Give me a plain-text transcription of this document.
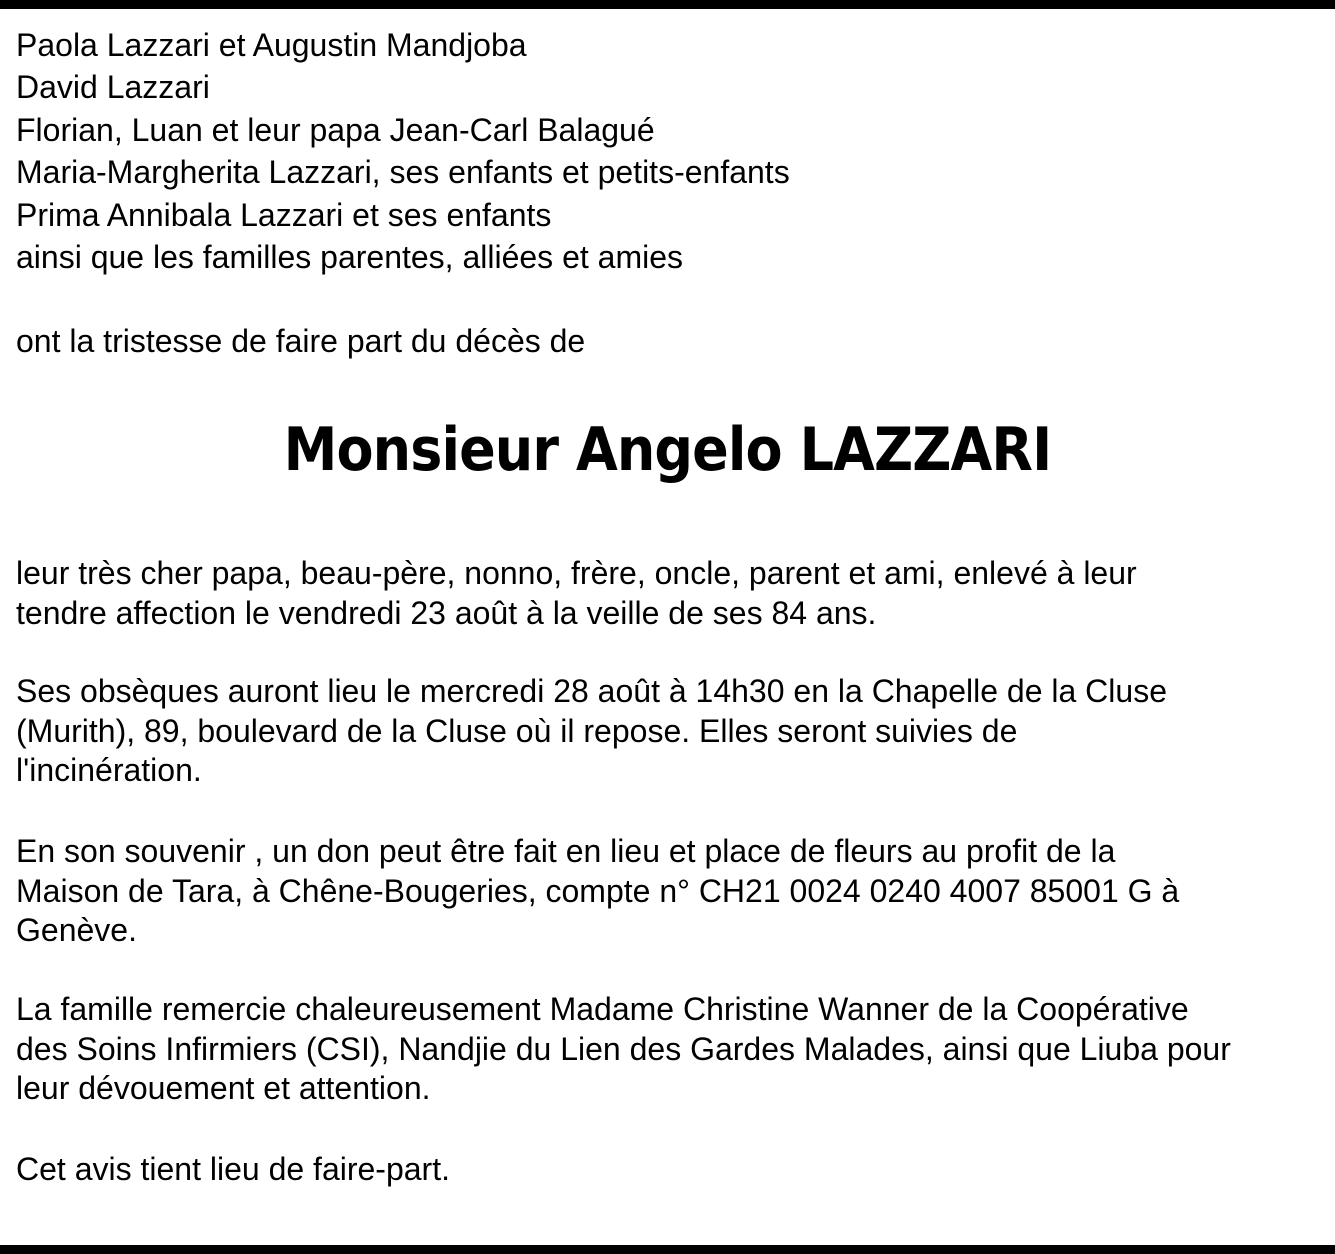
Paola Lazzari et Augustin Mandjoba
David Lazzari
Florian, Luan et leur papa Jean-Carl Balagué
Maria-Margherita Lazzari, ses enfants et petits-enfants
Prima Annibala Lazzari et ses enfants
ainsi que les familles parentes, alliées et amies
ont la tristesse de faire part du décès de
Monsieur Angelo LAZZARI
leur très cher papa, beau-père, nonno, frère, oncle, parent et ami, enlevé à leur
tendre affection le vendredi 23 août à la veille de ses 84 ans.
Ses obsèques auront lieu le mercredi 28 août à 14h30 en la Chapelle de la Cluse
(Murith), 89, boulevard de la Cluse où il repose. Elles seront suivies de
l'incinération.
En son souvenir , un don peut être fait en lieu et place de fleurs au profit de la
Maison de Tara, à Chêne-Bougeries, compte n° CH21 0024 0240 4007 85001 G à
Genève.
La famille remercie chaleureusement Madame Christine Wanner de la Coopérative
des Soins Infirmiers (CSI), Nandjie du Lien des Gardes Malades, ainsi que Liuba pour
leur dévouement et attention.
Cet avis tient lieu de faire-part.
